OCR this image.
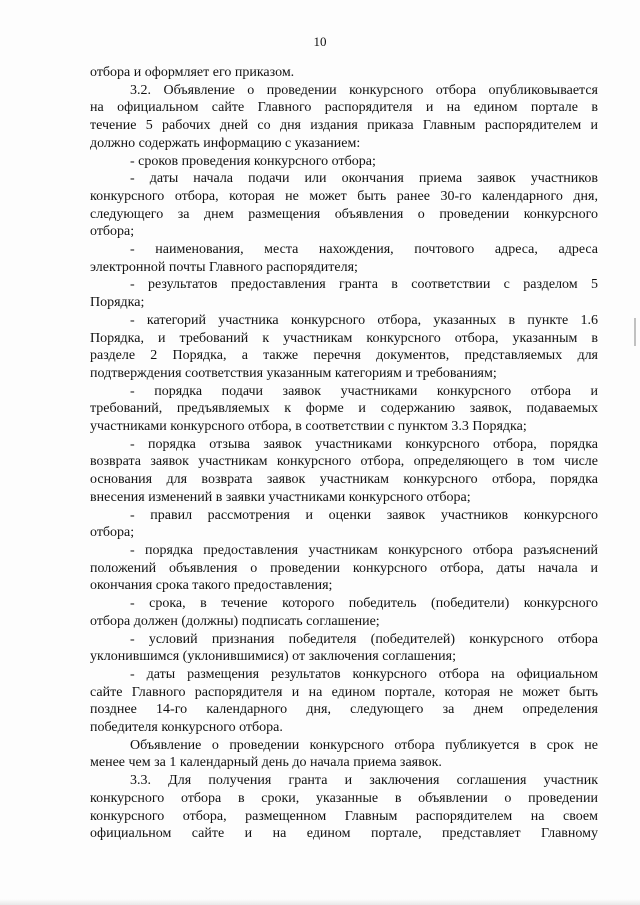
10
отбора и оформляет его приказом.
3.2. Объявление о проведении конкурсного отбора опубликовывается
на официальном сайте Главного распорядителя и на едином портале в
течение 5 рабочих дней со дня издания приказа Главным распорядителем и
должно содержать информацию с указанием:
- сроков проведения конкурсного отбора;
- даты начала подачи или окончания приема заявок участников
конкурсного отбора, которая не может быть ранее 30-го календарного дня,
следующего за днем размещения объявления о проведении конкурсного
отбора;
- наименования, места нахождения, почтового адреса, адреса
электронной почты Главного распорядителя;
- результатов предоставления гранта в соответствии с разделом 5
Порядка;
- категорий участника конкурсного отбора, указанных в пункте 1.6
Порядка, и требований к участникам конкурсного отбора, указанным в
разделе 2 Порядка, а также перечня документов, представляемых для
подтверждения соответствия указанным категориям и требованиям;
- порядка подачи заявок участниками конкурсного отбора и
требований, предъявляемых к форме и содержанию заявок, подаваемых
участниками конкурсного отбора, в соответствии с пунктом 3.3 Порядка;
- порядка отзыва заявок участниками конкурсного отбора, порядка
возврата заявок участникам конкурсного отбора, определяющего в том числе
основания для возврата заявок участникам конкурсного отбора, порядка
внесения изменений в заявки участниками конкурсного отбора;
- правил рассмотрения и оценки заявок участников конкурсного
отбора;
- порядка предоставления участникам конкурсного отбора разъяснений
положений объявления о проведении конкурсного отбора, даты начала и
окончания срока такого предоставления;
- срока, в течение которого победитель (победители) конкурсного
отбора должен (должны) подписать соглашение;
- условий признания победителя (победителей) конкурсного отбора
уклонившимся (уклонившимися) от заключения соглашения;
- даты размещения результатов конкурсного отбора на официальном
сайте Главного распорядителя и на едином портале, которая не может быть
позднее 14-го календарного дня, следующего за днем определения
победителя конкурсного отбора.
Объявление о проведении конкурсного отбора публикуется в срок не
менее чем за 1 календарный день до начала приема заявок.
3.3. Для получения гранта и заключения соглашения участник
конкурсного отбора в сроки, указанные в объявлении о проведении
конкурсного отбора, размещенном Главным распорядителем на своем
официальном сайте и на едином портале, представляет Главному
